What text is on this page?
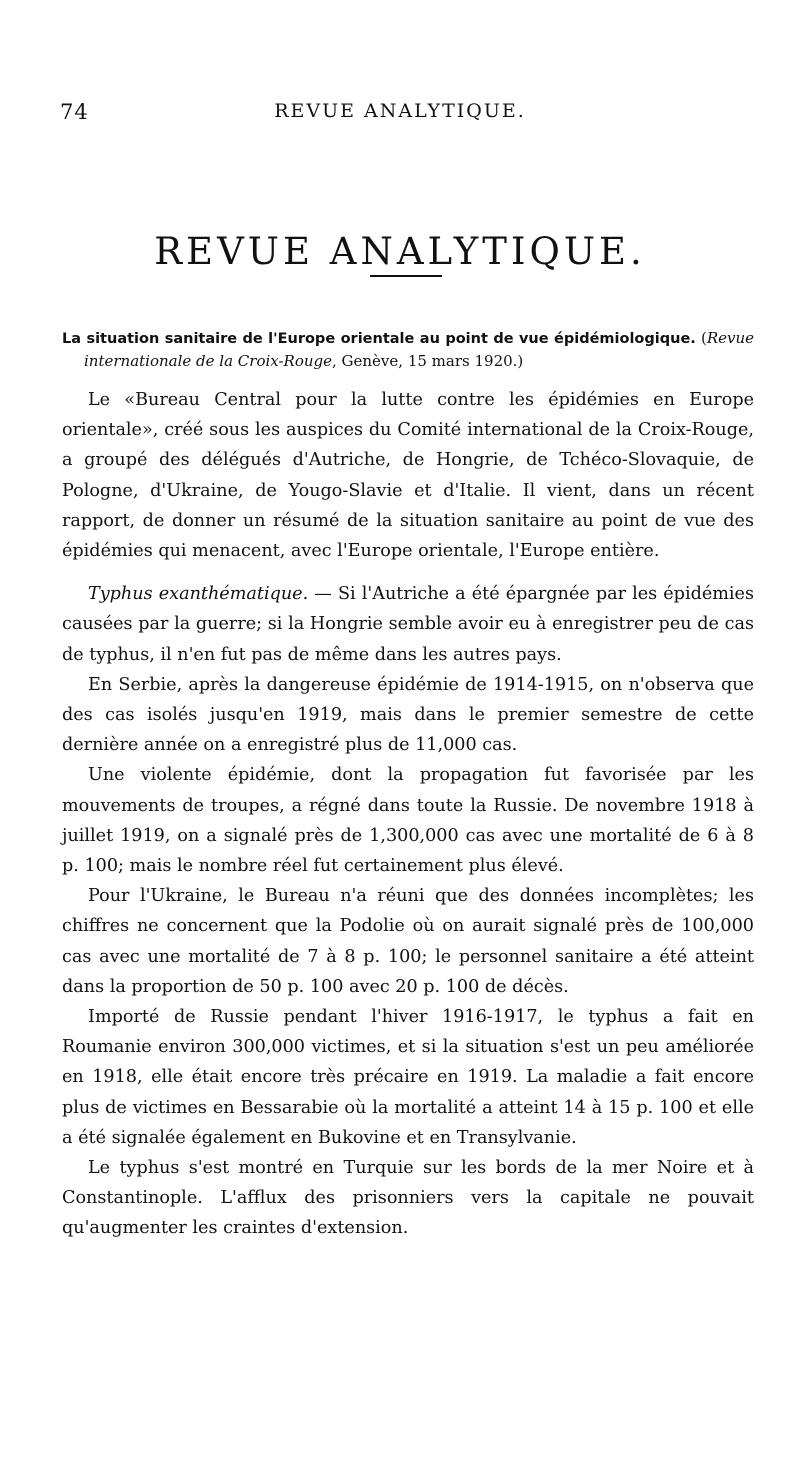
74	REVUE ANALYTIQUE.
REVUE ANALYTIQUE.

La situation sanitaire de l'Europe orientale au point de vue épidémiologique. (Revue internationale de la Croix-Rouge, Genève, 15 mars 1920.)

Le «Bureau Central pour la lutte contre les épidémies en Europe orientale», créé sous les auspices du Comité international de la Croix-Rouge, a groupé des délégués d'Autriche, de Hongrie, de Tchéco-Slovaquie, de Pologne, d'Ukraine, de Yougo-Slavie et d'Italie. Il vient, dans un récent rapport, de donner un résumé de la situation sanitaire au point de vue des épidémies qui menacent, avec l'Europe orientale, l'Europe entière.

Typhus exanthématique. — Si l'Autriche a été épargnée par les épidémies causées par la guerre; si la Hongrie semble avoir eu à enregistrer peu de cas de typhus, il n'en fut pas de même dans les autres pays.

En Serbie, après la dangereuse épidémie de 1914-1915, on n'observa que des cas isolés jusqu'en 1919, mais dans le premier semestre de cette dernière année on a enregistré plus de 11,000 cas.

Une violente épidémie, dont la propagation fut favorisée par les mouvements de troupes, a régné dans toute la Russie. De novembre 1918 à juillet 1919, on a signalé près de 1,300,000 cas avec une mortalité de 6 à 8 p. 100; mais le nombre réel fut certainement plus élevé.

Pour l'Ukraine, le Bureau n'a réuni que des données incomplètes; les chiffres ne concernent que la Podolie où on aurait signalé près de 100,000 cas avec une mortalité de 7 à 8 p. 100; le personnel sanitaire a été atteint dans la proportion de 50 p. 100 avec 20 p. 100 de décès.

Importé de Russie pendant l'hiver 1916-1917, le typhus a fait en Roumanie environ 300,000 victimes, et si la situation s'est un peu améliorée en 1918, elle était encore très précaire en 1919. La maladie a fait encore plus de victimes en Bessarabie où la mortalité a atteint 14 à 15 p. 100 et elle a été signalée également en Bukovine et en Transylvanie.

Le typhus s'est montré en Turquie sur les bords de la mer Noire et à Constantinople. L'afflux des prisonniers vers la capitale ne pouvait qu'augmenter les craintes d'extension.
